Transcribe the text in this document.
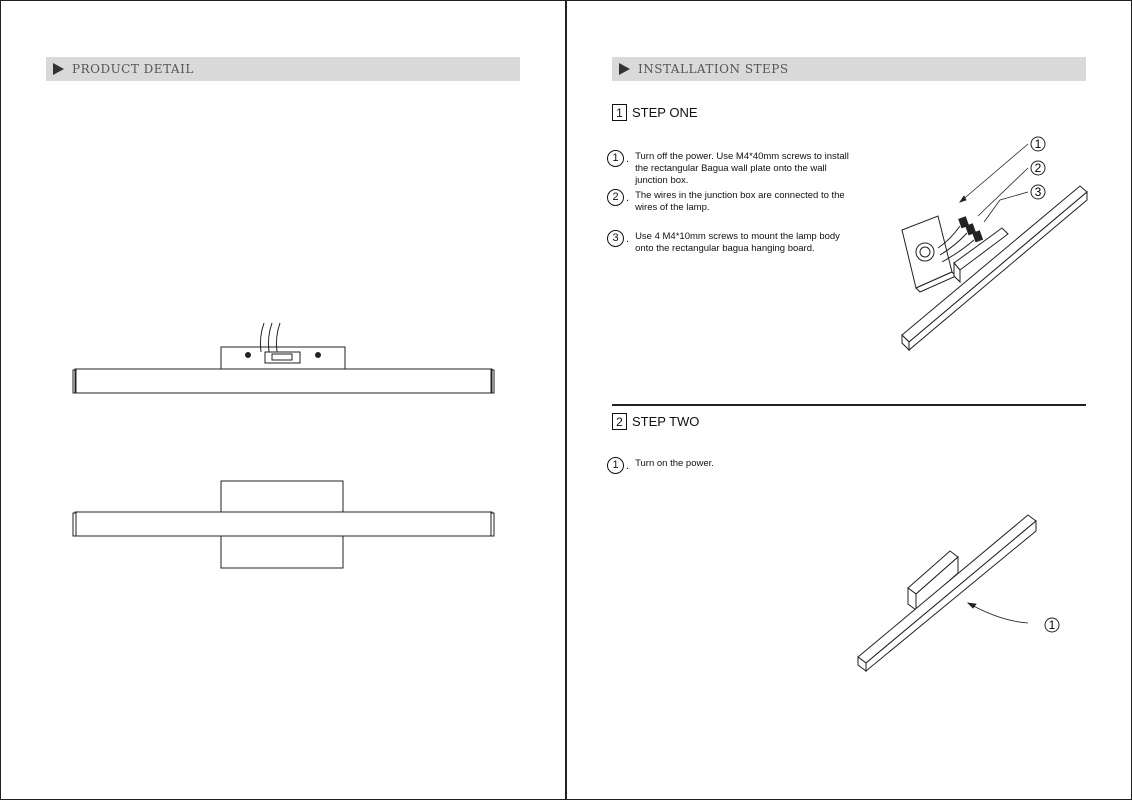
PRODUCT DETAIL	INSTALLATION STEPS
1 STEP ONE
1 . Turn off the power. Use M4*40mm screws to install the rectangular Bagua wall plate onto the wall junction box.
2 . The wires in the junction box are connected to the wires of the lamp.
3 . Use 4 M4*10mm screws to mount the lamp body onto the rectangular bagua hanging board.
1
2
3
2 STEP TWO
1 . Turn on the power.
1
